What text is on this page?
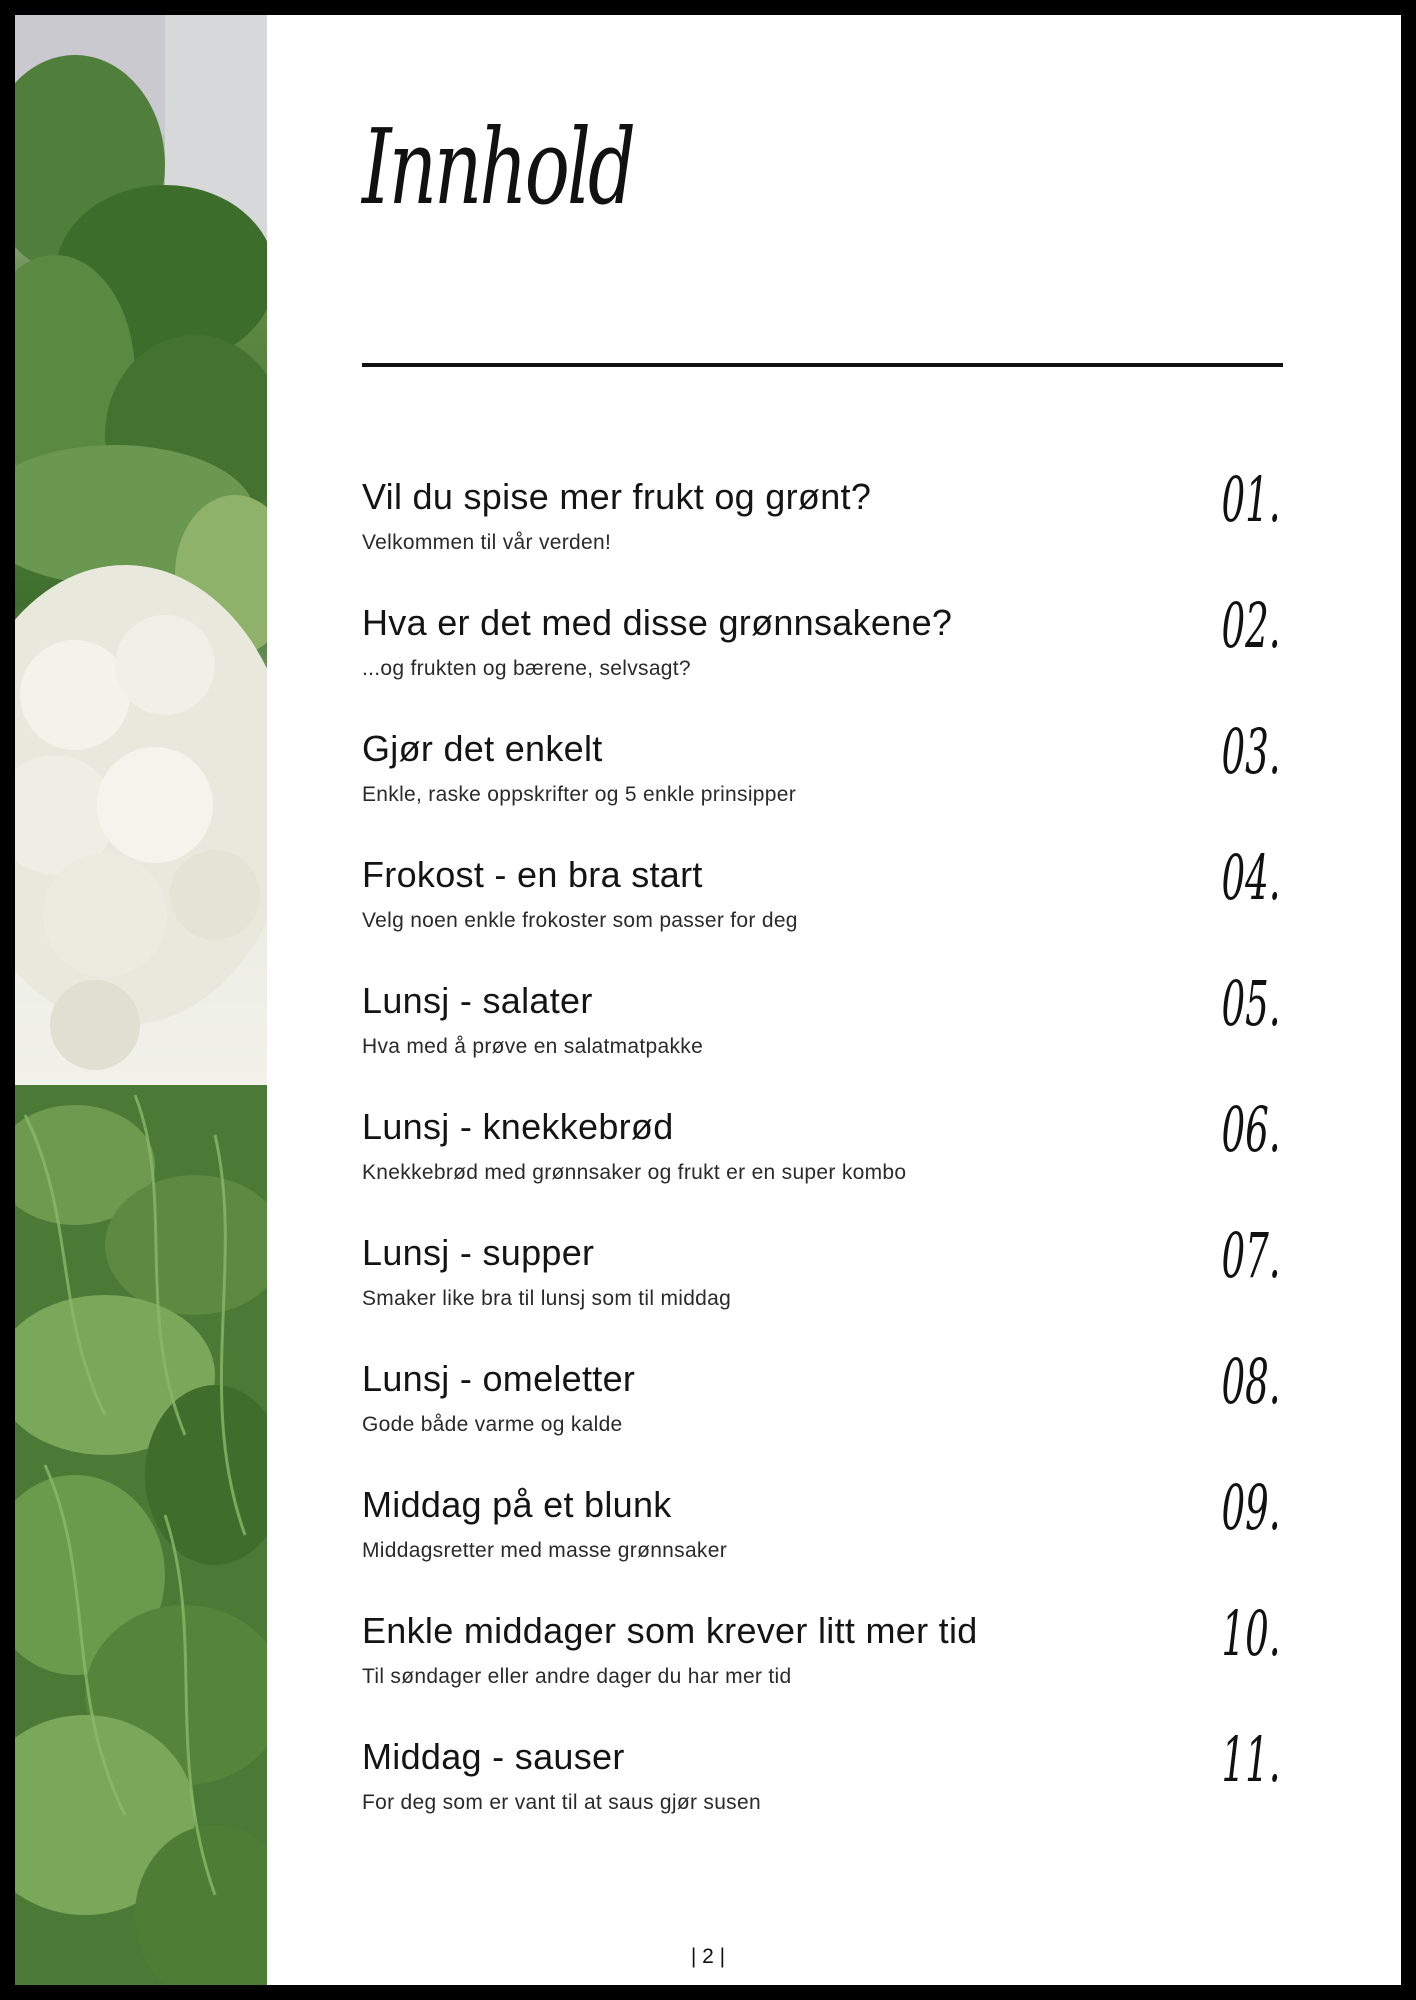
Innhold
Vil du spise mer frukt og grønt?
Velkommen til vår verden!
01.
Hva er det med disse grønnsakene?
...og frukten og bærene, selvsagt?
02.
Gjør det enkelt
Enkle, raske oppskrifter og 5 enkle prinsipper
03.
Frokost - en bra start
Velg noen enkle frokoster som passer for deg
04.
Lunsj - salater
Hva med å prøve en salatmatpakke
05.
Lunsj - knekkebrød
Knekkebrød med grønnsaker og frukt er en super kombo
06.
Lunsj - supper
Smaker like bra til lunsj som til middag
07.
Lunsj - omeletter
Gode både varme og kalde
08.
Middag på et blunk
Middagsretter med masse grønnsaker
09.
Enkle middager som krever litt mer tid
Til søndager eller andre dager du har mer tid
10.
Middag - sauser
For deg som er vant til at saus gjør susen
11.
| 2 |
